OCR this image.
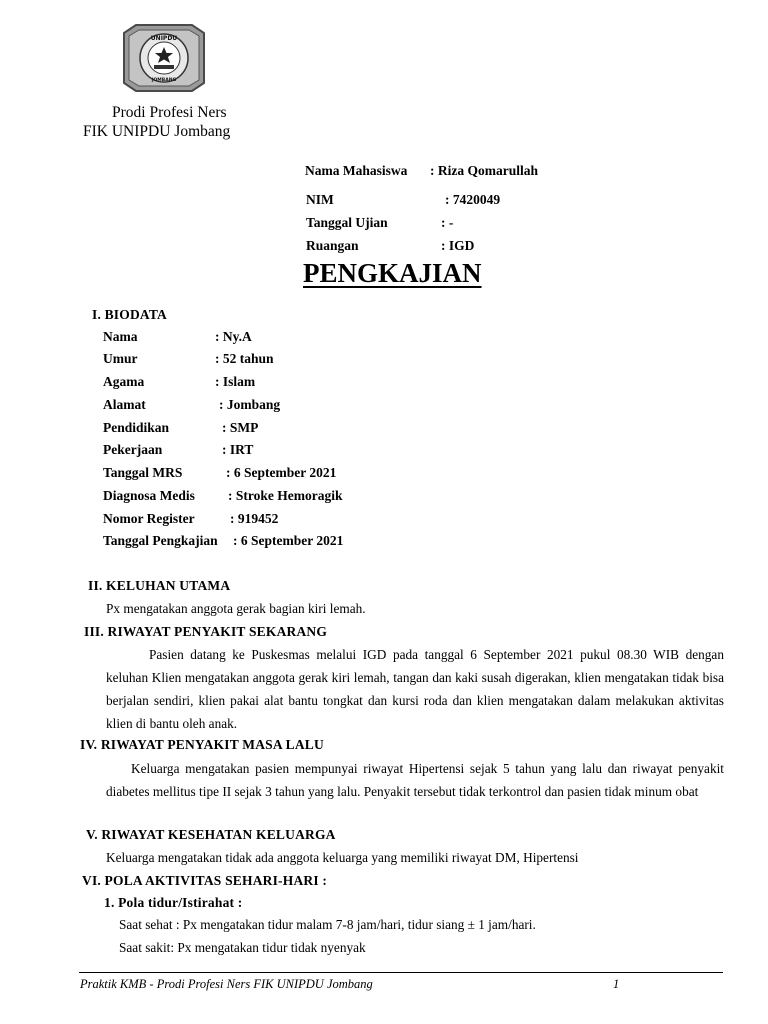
UNIPDU
JOMBANG
Prodi Profesi Ners
FIK UNIPDU Jombang
Nama Mahasiswa : Riza Qomarullah
NIM	: 7420049
Tanggal Ujian	: -
Ruangan	: IGD
PENGKAJIAN
I. BIODATA
Nama	: Ny.A
Umur	: 52 tahun
Agama	: Islam
Alamat	: Jombang
Pendidikan	: SMP
Pekerjaan	: IRT
Tanggal MRS	: 6 September 2021
Diagnosa Medis : Stroke Hemoragik
Nomor Register	: 919452
Tanggal Pengkajian : 6 September 2021
II. KELUHAN UTAMA
Px mengatakan anggota gerak bagian kiri lemah.
III. RIWAYAT PENYAKIT SEKARANG
Pasien datang ke Puskesmas melalui IGD pada tanggal 6 September 2021 pukul 08.30 WIB dengan keluhan Klien mengatakan anggota gerak kiri lemah, tangan dan kaki susah digerakan, klien mengatakan tidak bisa berjalan sendiri, klien pakai alat bantu tongkat dan kursi roda dan klien mengatakan dalam melakukan aktivitas klien di bantu oleh anak.
IV. RIWAYAT PENYAKIT MASA LALU
Keluarga mengatakan pasien mempunyai riwayat Hipertensi sejak 5 tahun yang lalu dan riwayat penyakit diabetes mellitus tipe II sejak 3 tahun yang lalu. Penyakit tersebut tidak terkontrol dan pasien tidak minum obat
V. RIWAYAT KESEHATAN KELUARGA
Keluarga mengatakan tidak ada anggota keluarga yang memiliki riwayat DM, Hipertensi
VI. POLA AKTIVITAS SEHARI-HARI :
1. Pola tidur/Istirahat :
Saat sehat : Px mengatakan tidur malam 7-8 jam/hari, tidur siang ± 1 jam/hari.
Saat sakit: Px mengatakan tidur tidak nyenyak
Praktik KMB - Prodi Profesi Ners FIK UNIPDU Jombang	1
